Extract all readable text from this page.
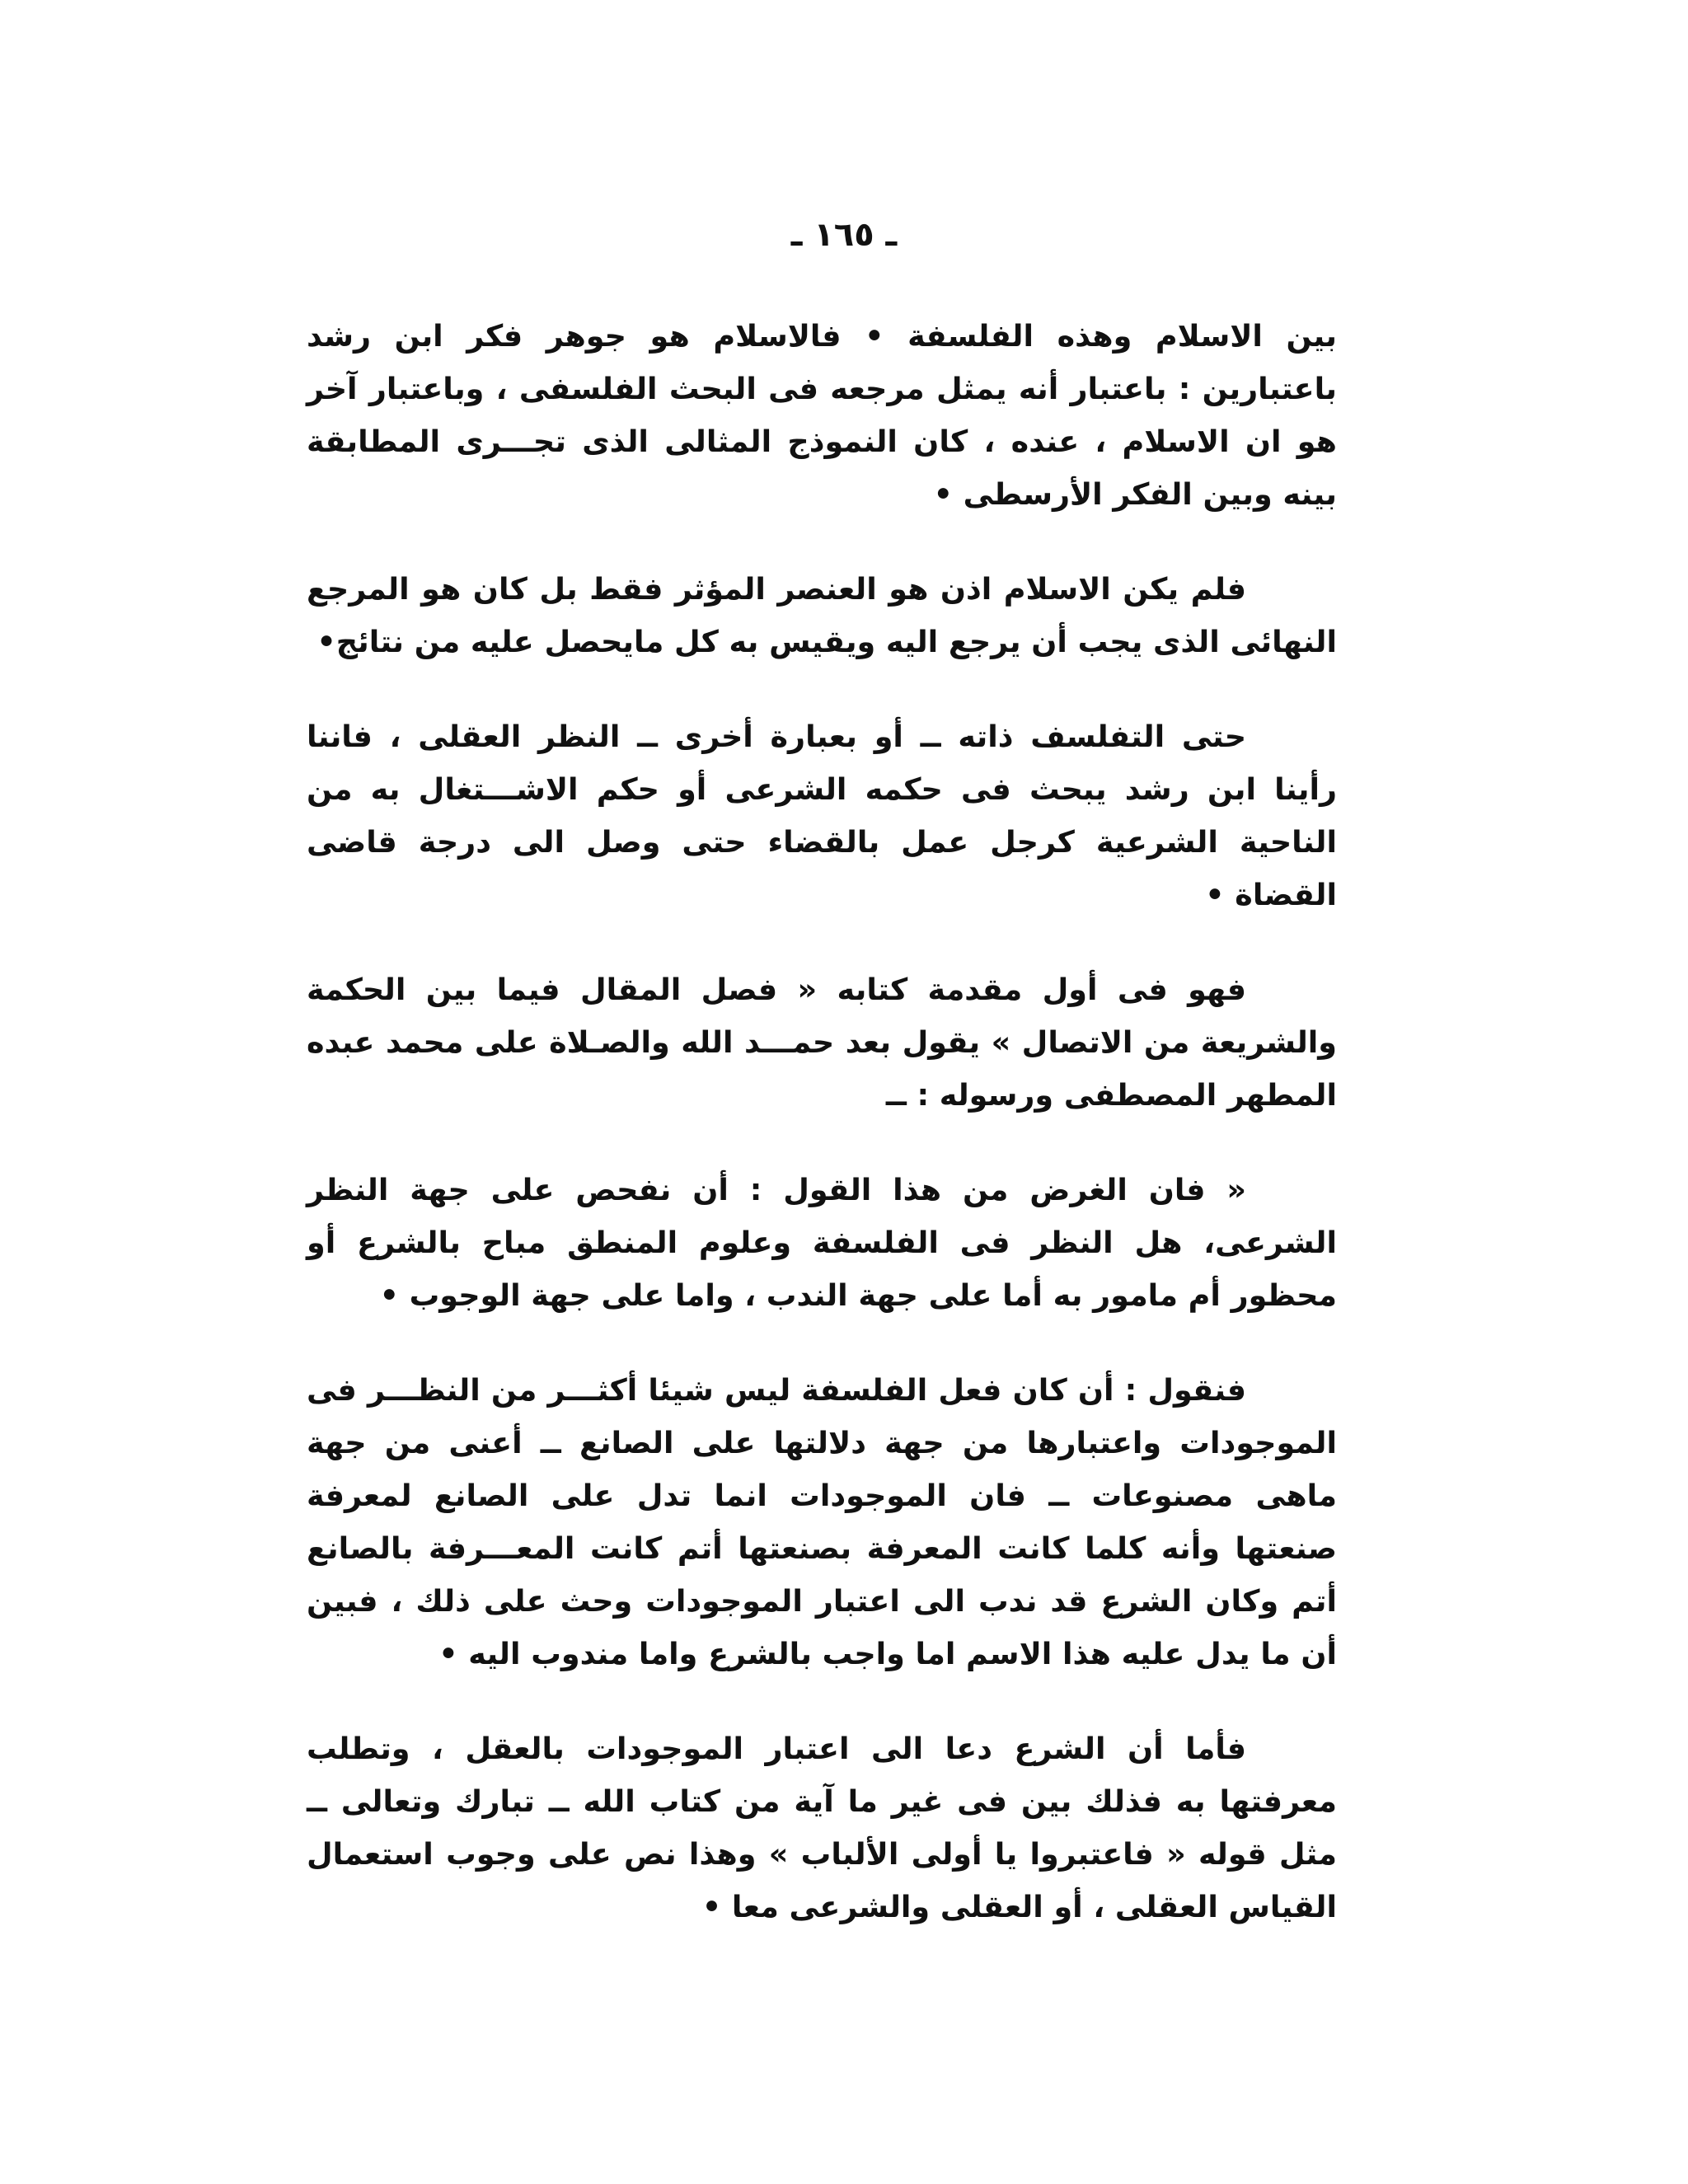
ـ ١٦٥ ـ

بين الاسلام وهذه الفلسفة • فالاسلام هو جوهر فكر ابن رشد باعتبارين : باعتبار أنه يمثل مرجعه فى البحث الفلسفى ، وباعتبار آخر هو ان الاسلام ، عنده ، كان النموذج المثالى الذى تجـــرى المطابقة بينه وبين الفكر الأرسطى •

فلم يكن الاسلام اذن هو العنصر المؤثر فقط بل كان هو المرجع النهائى الذى يجب أن يرجع اليه ويقيس به كل مايحصل عليه من نتائج•

حتى التفلسف ذاته ــ أو بعبارة أخرى ــ النظر العقلى ، فاننا رأينا ابن رشد يبحث فى حكمه الشرعى أو حكم الاشـــتغال به من الناحية الشرعية كرجل عمل بالقضاء حتى وصل الى درجة قاضى القضاة •

فهو فى أول مقدمة كتابه « فصل المقال فيما بين الحكمة والشريعة من الاتصال » يقول بعد حمـــد الله والصـلاة على محمد عبده المطهر المصطفى ورسوله : ــ

« فان الغرض من هذا القول : أن نفحص على جهة النظر الشرعى، هل النظر فى الفلسفة وعلوم المنطق مباح بالشرع أو محظور أم مامور به أما على جهة الندب ، واما على جهة الوجوب •

فنقول : أن كان فعل الفلسفة ليس شيئا أكثـــر من النظـــر فى الموجودات واعتبارها من جهة دلالتها على الصانع ــ أعنى من جهة ماهى مصنوعات ــ فان الموجودات انما تدل على الصانع لمعرفة صنعتها وأنه كلما كانت المعرفة بصنعتها أتم كانت المعـــرفة بالصانع أتم وكان الشرع قد ندب الى اعتبار الموجودات وحث على ذلك ، فبين أن ما يدل عليه هذا الاسم اما واجب بالشرع واما مندوب اليه •

فأما أن الشرع دعا الى اعتبار الموجودات بالعقل ، وتطلب معرفتها به فذلك بين فى غير ما آية من كتاب الله ــ تبارك وتعالى ــ مثل قوله « فاعتبروا يا أولى الألباب » وهذا نص على وجوب استعمال القياس العقلى ، أو العقلى والشرعى معا •
